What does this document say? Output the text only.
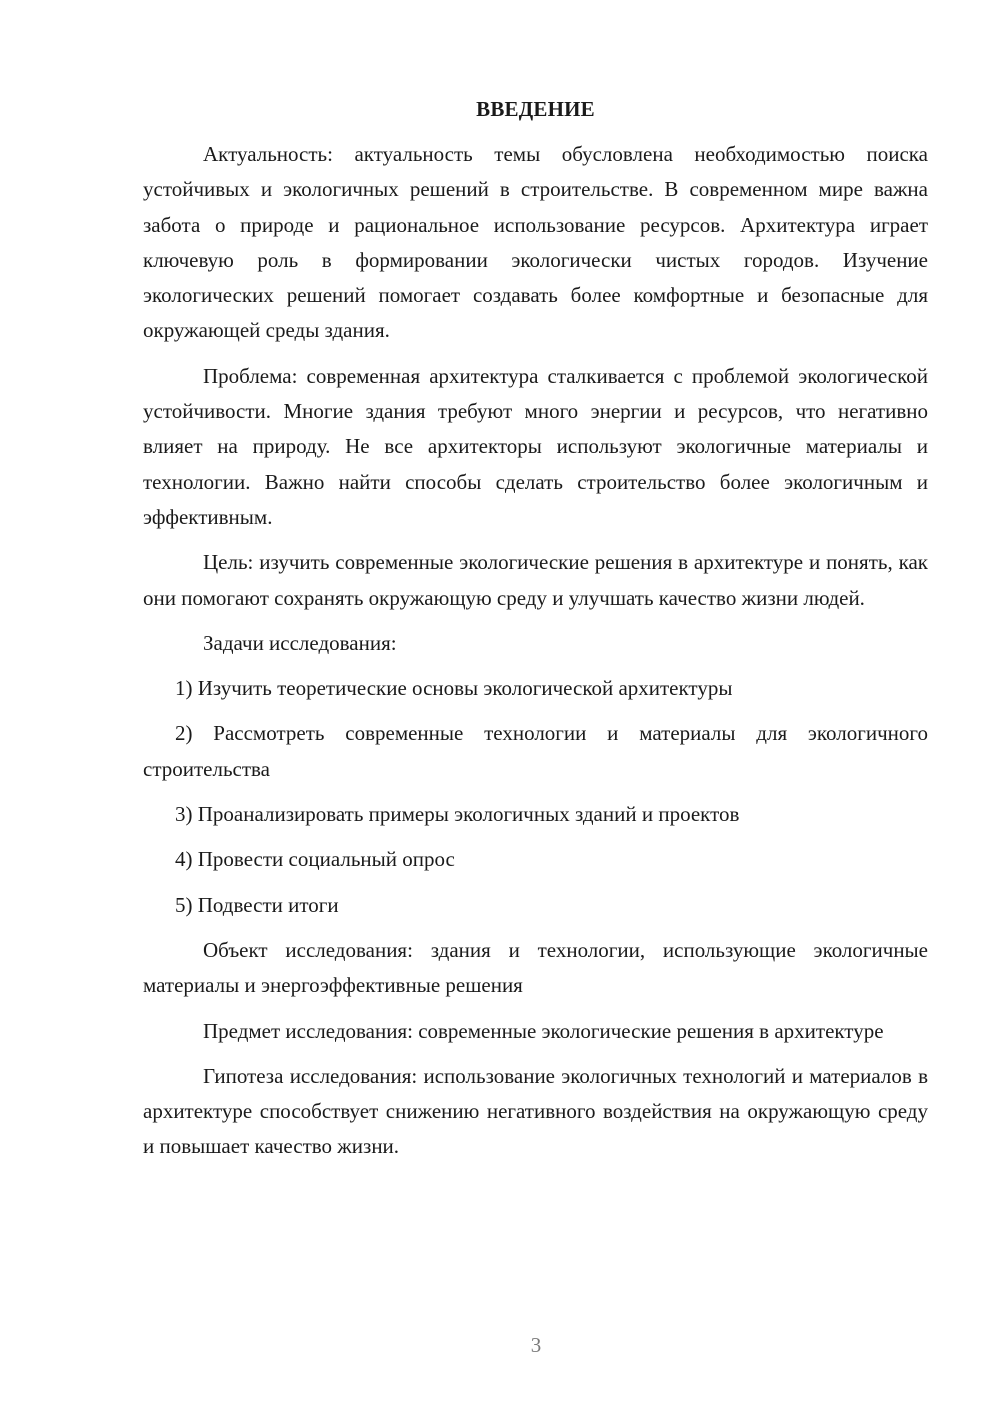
ВВЕДЕНИЕ

Актуальность: актуальность темы обусловлена необходимостью поиска устойчивых и экологичных решений в строительстве. В современном мире важна забота о природе и рациональное использование ресурсов. Архитектура играет ключевую роль в формировании экологически чистых городов. Изучение экологических решений помогает создавать более комфортные и безопасные для окружающей среды здания.

Проблема: современная архитектура сталкивается с проблемой экологической устойчивости. Многие здания требуют много энергии и ресурсов, что негативно влияет на природу. Не все архитекторы используют экологичные материалы и технологии. Важно найти способы сделать строительство более экологичным и эффективным.

Цель: изучить современные экологические решения в архитектуре и понять, как они помогают сохранять окружающую среду и улучшать качество жизни людей.

Задачи исследования:

1) Изучить теоретические основы экологической архитектуры

2) Рассмотреть современные технологии и материалы для экологичного строительства

3) Проанализировать примеры экологичных зданий и проектов

4) Провести социальный опрос

5) Подвести итоги

Объект исследования: здания и технологии, использующие экологичные материалы и энергоэффективные решения

Предмет исследования: современные экологические решения в архитектуре

Гипотеза исследования: использование экологичных технологий и материалов в архитектуре способствует снижению негативного воздействия на окружающую среду и повышает качество жизни.

3
